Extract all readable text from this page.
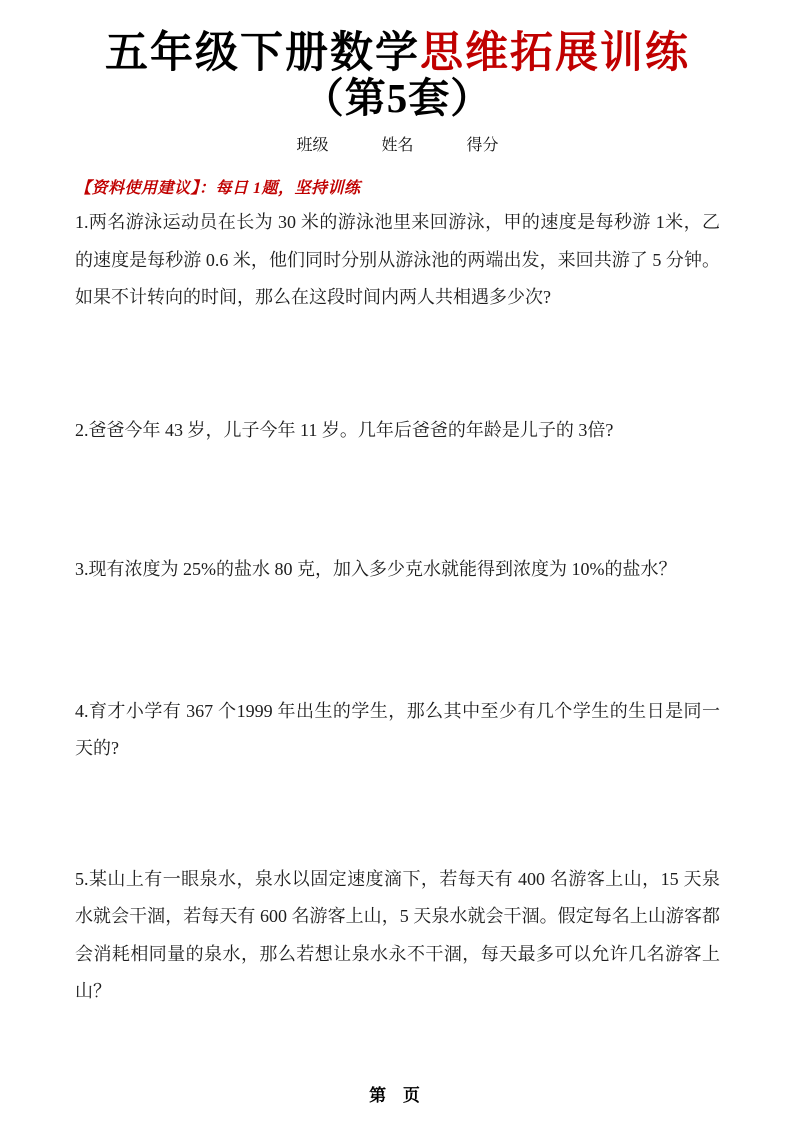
五年级下册数学思维拓展训练
（第5套）
班级	姓名	得分
【资料使用建议】：每日 1题，坚持训练

1.两名游泳运动员在长为 30 米的游泳池里来回游泳，甲的速度是每秒游 1米，乙的速度是每秒游 0.6 米，他们同时分别从游泳池的两端出发，来回共游了 5 分钟。如果不计转向的时间，那么在这段时间内两人共相遇多少次?

2.爸爸今年 43 岁，儿子今年 11 岁。几年后爸爸的年龄是儿子的 3倍?

3.现有浓度为 25%的盐水 80 克，加入多少克水就能得到浓度为 10%的盐水？

4.育才小学有 367 个1999 年出生的学生，那么其中至少有几个学生的生日是同一天的?

5.某山上有一眼泉水，泉水以固定速度滴下，若每天有 400 名游客上山，15 天泉水就会干涸，若每天有 600 名游客上山，5 天泉水就会干涸。假定每名上山游客都会消耗相同量的泉水，那么若想让泉水永不干涸，每天最多可以允许几名游客上山？

第 页
